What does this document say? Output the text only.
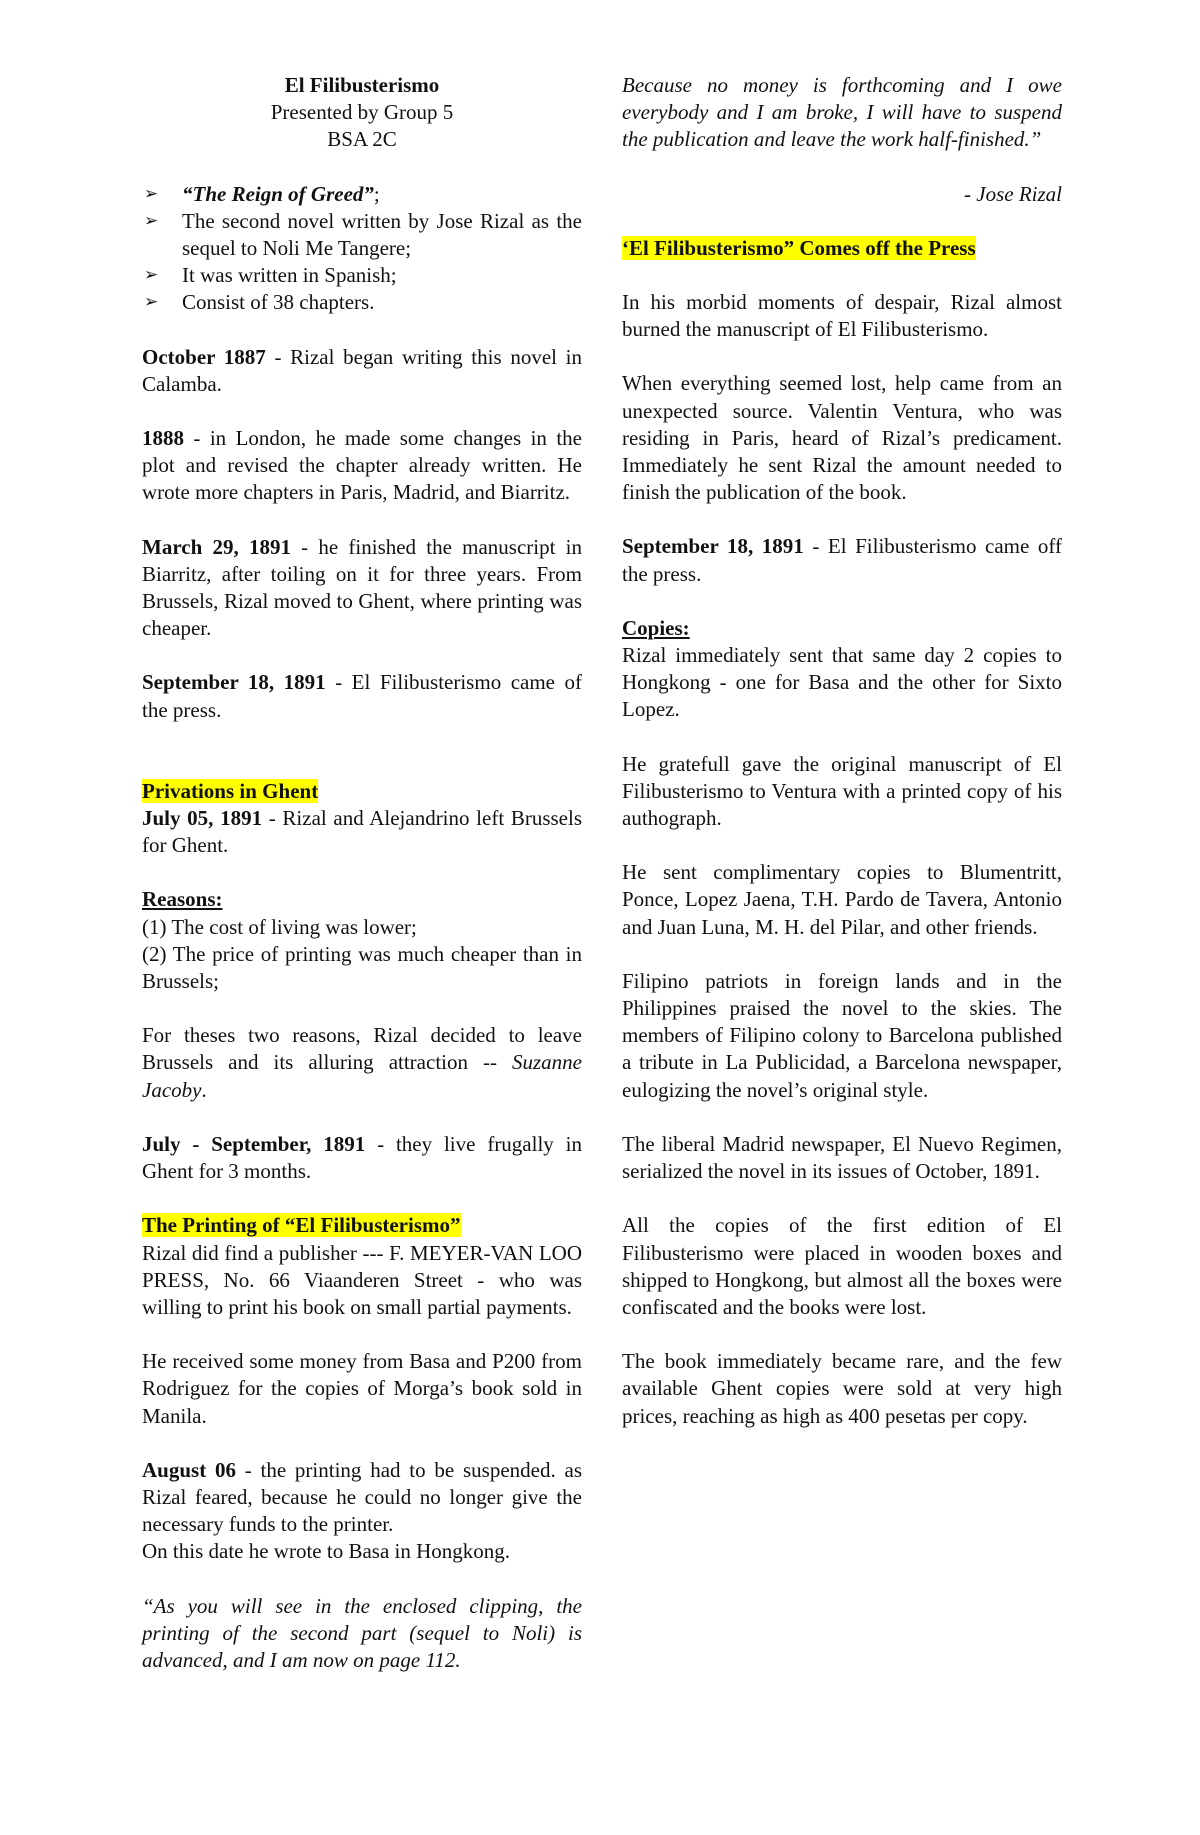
El Filibusterismo

Presented by Group 5

BSA 2C

➢ “The Reign of Greed”;
➢ The second novel written by Jose Rizal as the sequel to Noli Me Tangere;
➢ It was written in Spanish;
➢ Consist of 38 chapters.

October 1887 - Rizal began writing this novel in Calamba.

1888 - in London, he made some changes in the plot and revised the chapter already written. He wrote more chapters in Paris, Madrid, and Biarritz.

March 29, 1891 - he finished the manuscript in Biarritz, after toiling on it for three years. From Brussels, Rizal moved to Ghent, where printing was cheaper.

September 18, 1891 - El Filibusterismo came of the press.

Privations in Ghent

July 05, 1891 - Rizal and Alejandrino left Brussels for Ghent.

Reasons:

(1) The cost of living was lower;

(2) The price of printing was much cheaper than in Brussels;

For theses two reasons, Rizal decided to leave Brussels and its alluring attraction -- Suzanne Jacoby.

July - September, 1891 - they live frugally in Ghent for 3 months.

The Printing of “El Filibusterismo”

Rizal did find a publisher --- F. MEYER-VAN LOO PRESS, No. 66 Viaanderen Street - who was willing to print his book on small partial payments.

He received some money from Basa and P200 from Rodriguez for the copies of Morga’s book sold in Manila.

August 06 - the printing had to be suspended. as Rizal feared, because he could no longer give the necessary funds to the printer.

On this date he wrote to Basa in Hongkong.

“As you will see in the enclosed clipping, the printing of the second part (sequel to Noli) is advanced, and I am now on page 112.

Because no money is forthcoming and I owe everybody and I am broke, I will have to suspend the publication and leave the work half-finished.”

- Jose Rizal

‘El Filibusterismo” Comes off the Press

In his morbid moments of despair, Rizal almost burned the manuscript of El Filibusterismo.

When everything seemed lost, help came from an unexpected source. Valentin Ventura, who was residing in Paris, heard of Rizal’s predicament. Immediately he sent Rizal the amount needed to finish the publication of the book.

September 18, 1891 - El Filibusterismo came off the press.

Copies:

Rizal immediately sent that same day 2 copies to Hongkong - one for Basa and the other for Sixto Lopez.

He gratefull gave the original manuscript of El

Filibusterismo to Ventura with a printed copy of his authograph.

He sent complimentary copies to Blumentritt, Ponce, Lopez Jaena, T.H. Pardo de Tavera, Antonio and Juan Luna, M. H. del Pilar, and other friends.

Filipino patriots in foreign lands and in the Philippines praised the novel to the skies. The members of Filipino colony to Barcelona published a tribute in La Publicidad, a Barcelona newspaper, eulogizing the novel’s original style.

The liberal Madrid newspaper, El Nuevo Regimen, serialized the novel in its issues of October, 1891.

All the copies of the first edition of El Filibusterismo were placed in wooden boxes and shipped to Hongkong, but almost all the boxes were confiscated and the books were lost.

The book immediately became rare, and the few available Ghent copies were sold at very high prices, reaching as high as 400 pesetas per copy.
